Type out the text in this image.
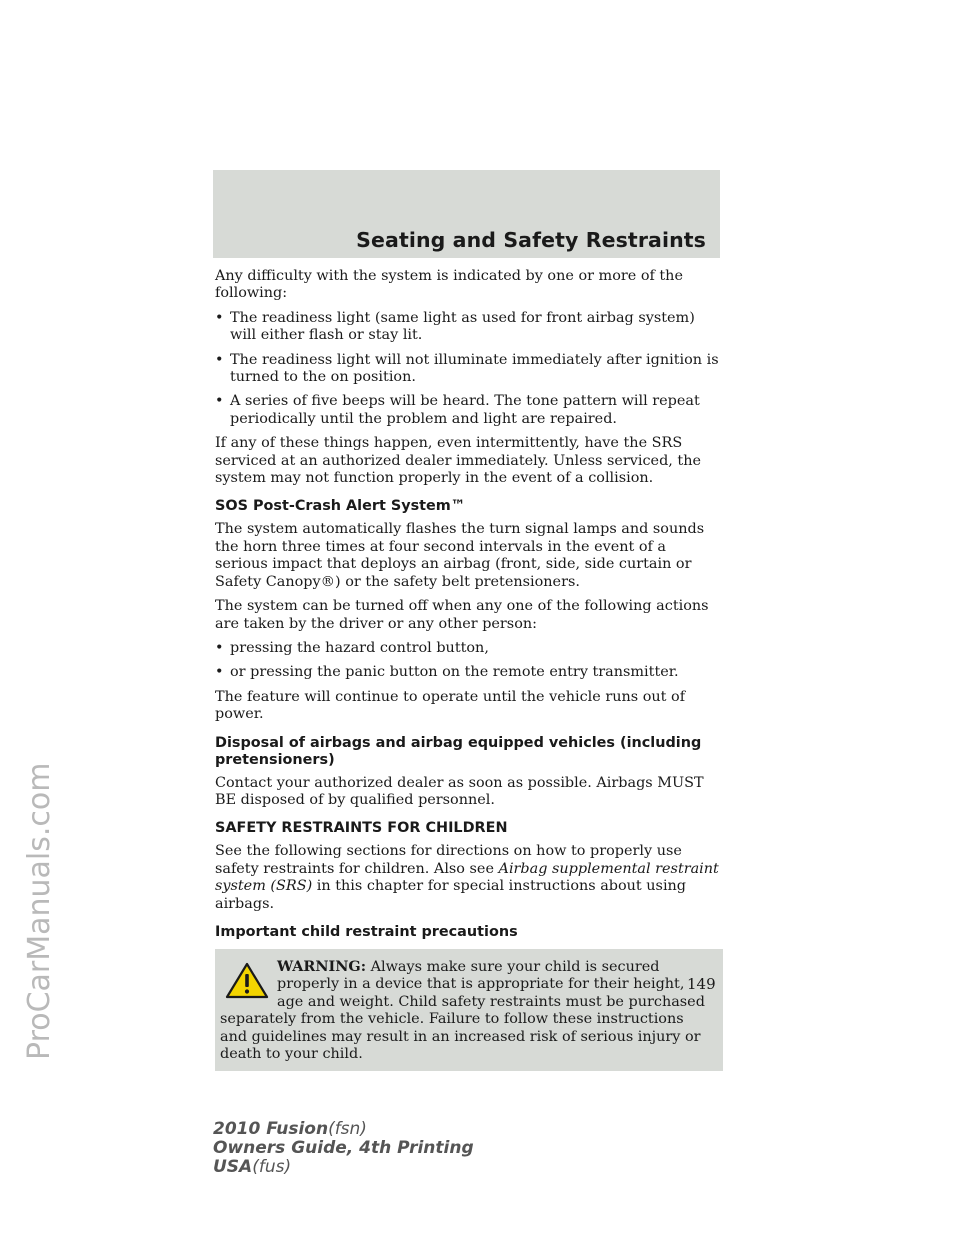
ProCarManuals.com
Seating and Safety Restraints
Any difficulty with the system is indicated by one or more of the following:
• The readiness light (same light as used for front airbag system) will either flash or stay lit.
• The readiness light will not illuminate immediately after ignition is turned to the on position.
• A series of five beeps will be heard. The tone pattern will repeat periodically until the problem and light are repaired.
If any of these things happen, even intermittently, have the SRS serviced at an authorized dealer immediately. Unless serviced, the system may not function properly in the event of a collision.
SOS Post-Crash Alert System™
The system automatically flashes the turn signal lamps and sounds the horn three times at four second intervals in the event of a serious impact that deploys an airbag (front, side, side curtain or Safety Canopy®) or the safety belt pretensioners.
The system can be turned off when any one of the following actions are taken by the driver or any other person:
• pressing the hazard control button,
• or pressing the panic button on the remote entry transmitter.
The feature will continue to operate until the vehicle runs out of power.
Disposal of airbags and airbag equipped vehicles (including pretensioners)
Contact your authorized dealer as soon as possible. Airbags MUST BE disposed of by qualified personnel.
SAFETY RESTRAINTS FOR CHILDREN
See the following sections for directions on how to properly use safety restraints for children. Also see Airbag supplemental restraint system (SRS) in this chapter for special instructions about using airbags.
Important child restraint precautions
WARNING: Always make sure your child is secured properly in a device that is appropriate for their height, age and weight. Child safety restraints must be purchased separately from the vehicle. Failure to follow these instructions and guidelines may result in an increased risk of serious injury or death to your child.
149
2010 Fusion(fsn)
Owners Guide, 4th Printing
USA(fus)
